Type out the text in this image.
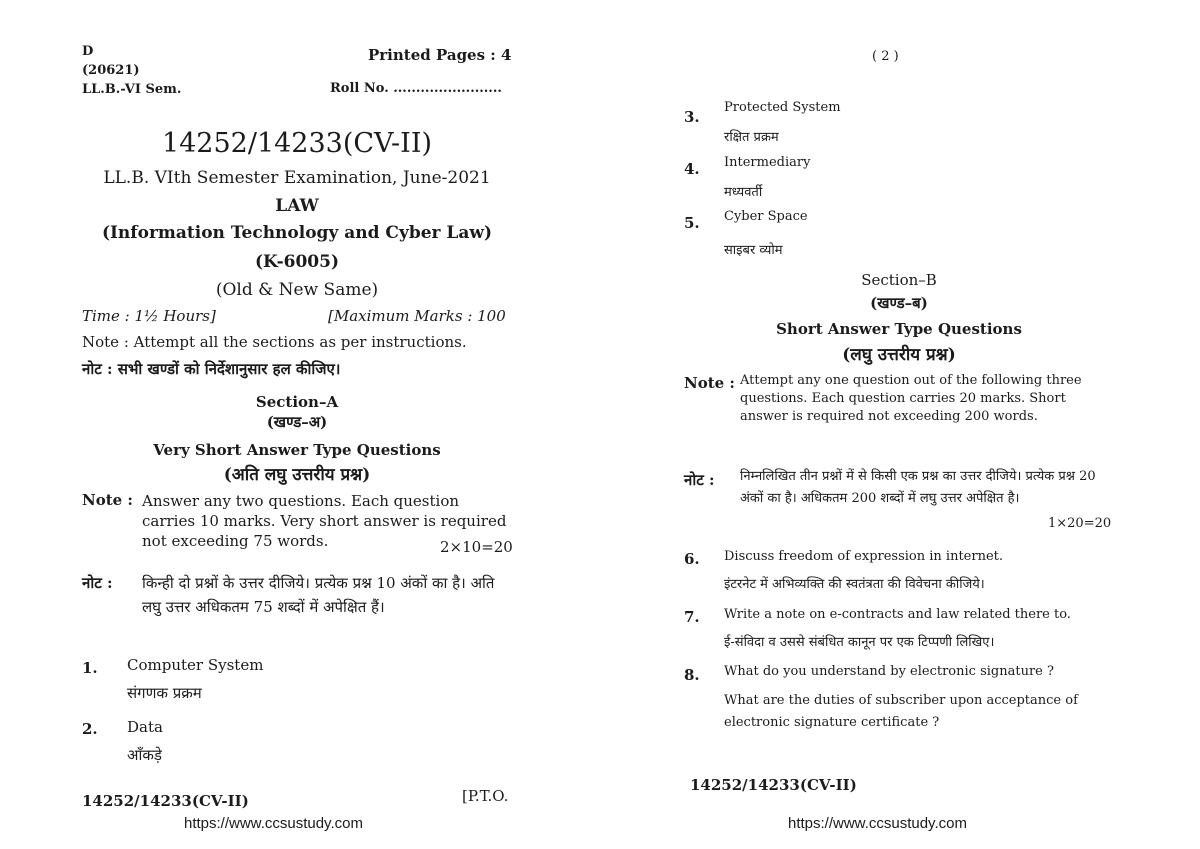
D
(20621)
LL.B.-VI Sem.
Printed Pages : 4
Roll No. ........................
14252/14233(CV-II)
LL.B. VIth Semester Examination, June-2021
LAW
(Information Technology and Cyber Law)
(K-6005)
(Old & New Same)
Time : 1½ Hours]	[Maximum Marks : 100
Note : Attempt all the sections as per instructions.
नोट : सभी खण्डों को निर्देशानुसार हल कीजिए।
Section–A
(खण्ड–अ)
Very Short Answer Type Questions
(अति लघु उत्तरीय प्रश्न)
Note : Answer any two questions. Each question carries 10 marks. Very short answer is required not exceeding 75 words.	2×10=20
नोट : किन्ही दो प्रश्नों के उत्तर दीजिये। प्रत्येक प्रश्न 10 अंकों का है। अति लघु उत्तर अधिकतम 75 शब्दों में अपेक्षित हैं।
1. Computer System
संगणक प्रक्रम
2. Data
आँकड़े
14252/14233(CV-II)	[P.T.O.
https://www.ccsustudy.com
( 2 )
3.
Protected System
रक्षित प्रक्रम
4. Intermediary
मध्यवर्ती
5. Cyber Space
साइबर व्योम
Section–B
(खण्ड–ब)
Short Answer Type Questions
(लघु उत्तरीय प्रश्न)
Note : Attempt any one question out of the following three questions. Each question carries 20 marks. Short answer is required not exceeding 200 words.
नोट : निम्नलिखित तीन प्रश्नों में से किसी एक प्रश्न का उत्तर दीजिये। प्रत्येक प्रश्न 20 अंकों का है। अधिकतम 200 शब्दों में लघु उत्तर अपेक्षित है।
1×20=20
6. Discuss freedom of expression in internet.
इंटरनेट में अभिव्यक्ति की स्वतंत्रता की विवेचना कीजिये।
7. Write a note on e-contracts and law related there to.
ई-संविदा व उससे संबंधित कानून पर एक टिप्पणी लिखिए।
8. What do you understand by electronic signature ?
What are the duties of subscriber upon acceptance of electronic signature certificate ?
14252/14233(CV-II)
https://www.ccsustudy.com
